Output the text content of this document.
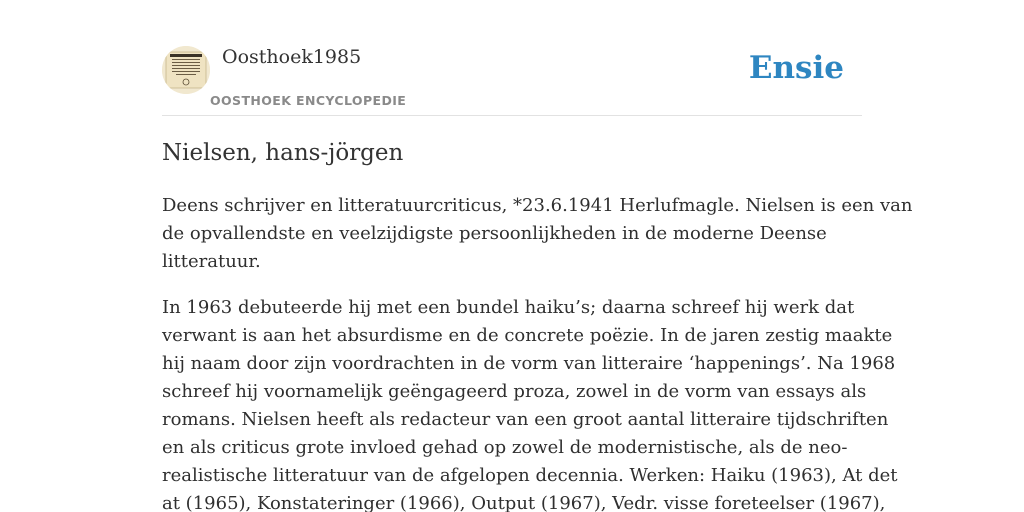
Oosthoek1985
OOSTHOEK ENCYCLOPEDIE
Ensie
Nielsen, hans-jörgen

Deens schrijver en litteratuurcriticus, *23.6.1941 Herlufmagle. Nielsen is een van
de opvallendste en veelzijdigste persoonlijkheden in de moderne Deense
litteratuur.

In 1963 debuteerde hij met een bundel haiku’s; daarna schreef hij werk dat
verwant is aan het absurdisme en de concrete poëzie. In de jaren zestig maakte
hij naam door zijn voordrachten in de vorm van litteraire ‘happenings’. Na 1968
schreef hij voornamelijk geëngageerd proza, zowel in de vorm van essays als
romans. Nielsen heeft als redacteur van een groot aantal litteraire tijdschriften
en als criticus grote invloed gehad op zowel de modernistische, als de neo-
realistische litteratuur van de afgelopen decennia. Werken: Haiku (1963), At det
at (1965), Konstateringer (1966), Output (1967), Vedr. visse foreteelser (1967),
